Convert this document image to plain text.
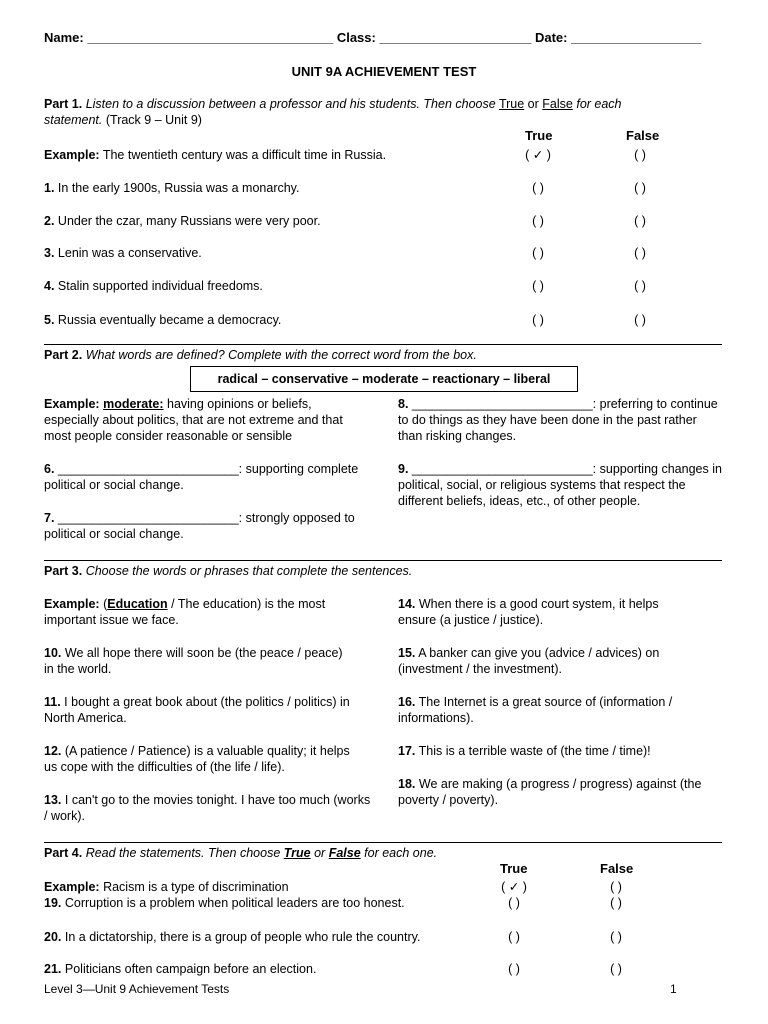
Name: __________________________________ Class: _____________________ Date: __________________
UNIT 9A ACHIEVEMENT TEST
Part 1. Listen to a discussion between a professor and his students. Then choose True or False for each
statement. (Track 9 – Unit 9)
True	False
Example: The twentieth century was a difficult time in Russia.	( ✓ )	( )
1. In the early 1900s, Russia was a monarchy.	( )	( )
2. Under the czar, many Russians were very poor.	( )	( )
3. Lenin was a conservative.	( )	( )
4. Stalin supported individual freedoms.	( )	( )
5. Russia eventually became a democracy.	( )	( )
Part 2. What words are defined? Complete with the correct word from the box.
radical – conservative – moderate – reactionary – liberal
Example: moderate: having opinions or beliefs, especially about politics, that are not extreme and that most people consider reasonable or sensible
6. __________________________: supporting complete political or social change.
7. __________________________: strongly opposed to political or social change.
8. __________________________: preferring to continue to do things as they have been done in the past rather than risking changes.
9. __________________________: supporting changes in political, social, or religious systems that respect the different beliefs, ideas, etc., of other people.
Part 3. Choose the words or phrases that complete the sentences.
Example: (Education / The education) is the most important issue we face.
10. We all hope there will soon be (the peace / peace) in the world.
11. I bought a great book about (the politics / politics) in North America.
12. (A patience / Patience) is a valuable quality; it helps us cope with the difficulties of (the life / life).
13. I can't go to the movies tonight. I have too much (works / work).
14. When there is a good court system, it helps ensure (a justice / justice).
15. A banker can give you (advice / advices) on (investment / the investment).
16. The Internet is a great source of (information / informations).
17. This is a terrible waste of (the time / time)!
18. We are making (a progress / progress) against (the poverty / poverty).
Part 4. Read the statements. Then choose True or False for each one.
True	False
Example: Racism is a type of discrimination	( ✓ )	( )
19. Corruption is a problem when political leaders are too honest.	( )	( )
20. In a dictatorship, there is a group of people who rule the country.	( )	( )
21. Politicians often campaign before an election.	( )	( )
Level 3—Unit 9 Achievement Tests	1
